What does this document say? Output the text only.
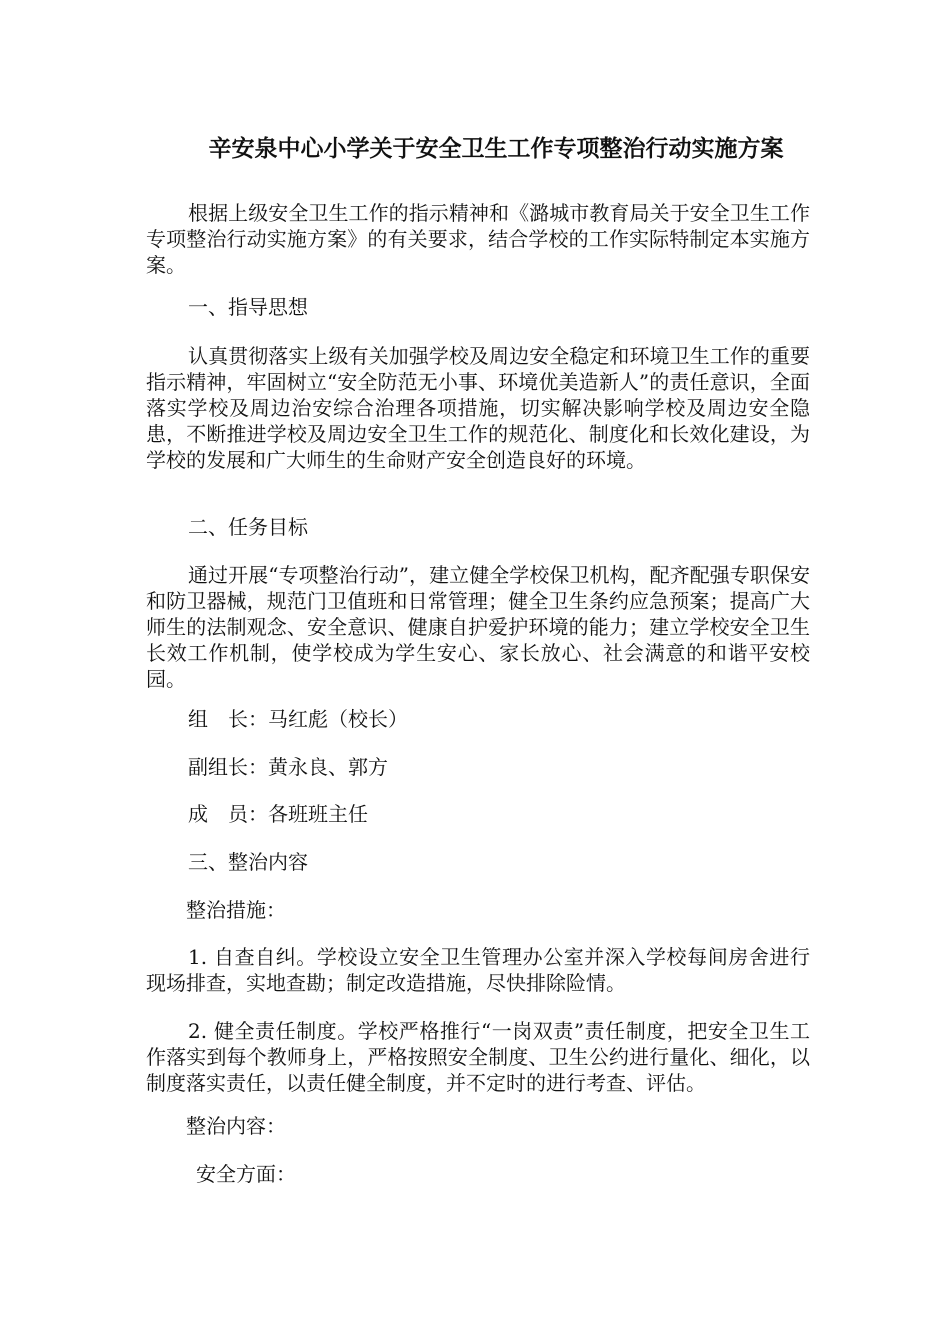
辛安泉中心小学关于安全卫生工作专项整治行动实施方案

根据上级安全卫生工作的指示精神和《潞城市教育局关于安全卫生工作专项整治行动实施方案》的有关要求，结合学校的工作实际特制定本实施方案。

一、指导思想

认真贯彻落实上级有关加强学校及周边安全稳定和环境卫生工作的重要指示精神，牢固树立“安全防范无小事、环境优美造新人”的责任意识，全面落实学校及周边治安综合治理各项措施，切实解决影响学校及周边安全隐患，不断推进学校及周边安全卫生工作的规范化、制度化和长效化建设，为学校的发展和广大师生的生命财产安全创造良好的环境。

二、任务目标

通过开展“专项整治行动”，建立健全学校保卫机构，配齐配强专职保安和防卫器械，规范门卫值班和日常管理；健全卫生条约应急预案；提高广大师生的法制观念、安全意识、健康自护爱护环境的能力；建立学校安全卫生长效工作机制，使学校成为学生安心、家长放心、社会满意的和谐平安校园。

组　长：马红彪（校长）

副组长：黄永良、郭方

成　员：各班班主任

三、整治内容

整治措施：

1. 自查自纠。学校设立安全卫生管理办公室并深入学校每间房舍进行现场排查，实地查勘；制定改造措施，尽快排除险情。

2. 健全责任制度。学校严格推行“一岗双责”责任制度，把安全卫生工作落实到每个教师身上，严格按照安全制度、卫生公约进行量化、细化，以制度落实责任，以责任健全制度，并不定时的进行考查、评估。

整治内容：

安全方面：
